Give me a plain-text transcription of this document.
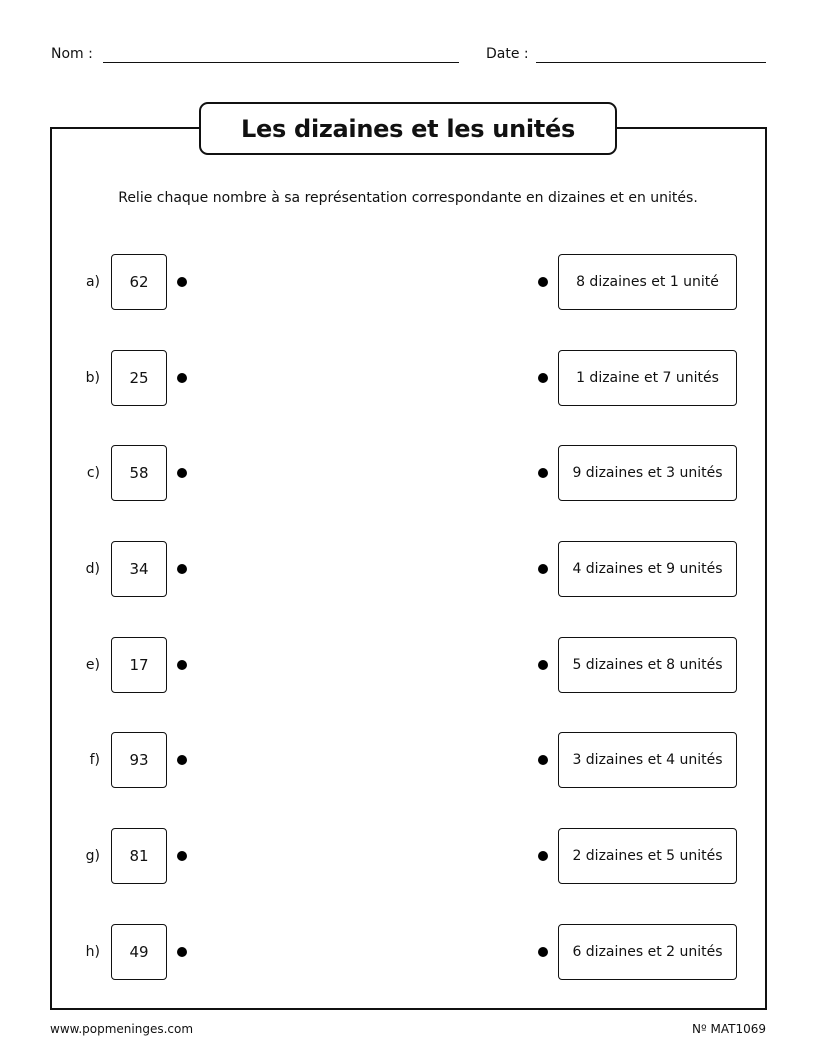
Nom :	Date :
Les dizaines et les unités
Relie chaque nombre à sa représentation correspondante en dizaines et en unités.
a)	62	8 dizaines et 1 unité
b)	25	1 dizaine et 7 unités
c)	58	9 dizaines et 3 unités
d)	34	4 dizaines et 9 unités
e)	17	5 dizaines et 8 unités
f)	93	3 dizaines et 4 unités
g)	81	2 dizaines et 5 unités
h)	49	6 dizaines et 2 unités
www.popmeninges.com	Nº MAT1069
